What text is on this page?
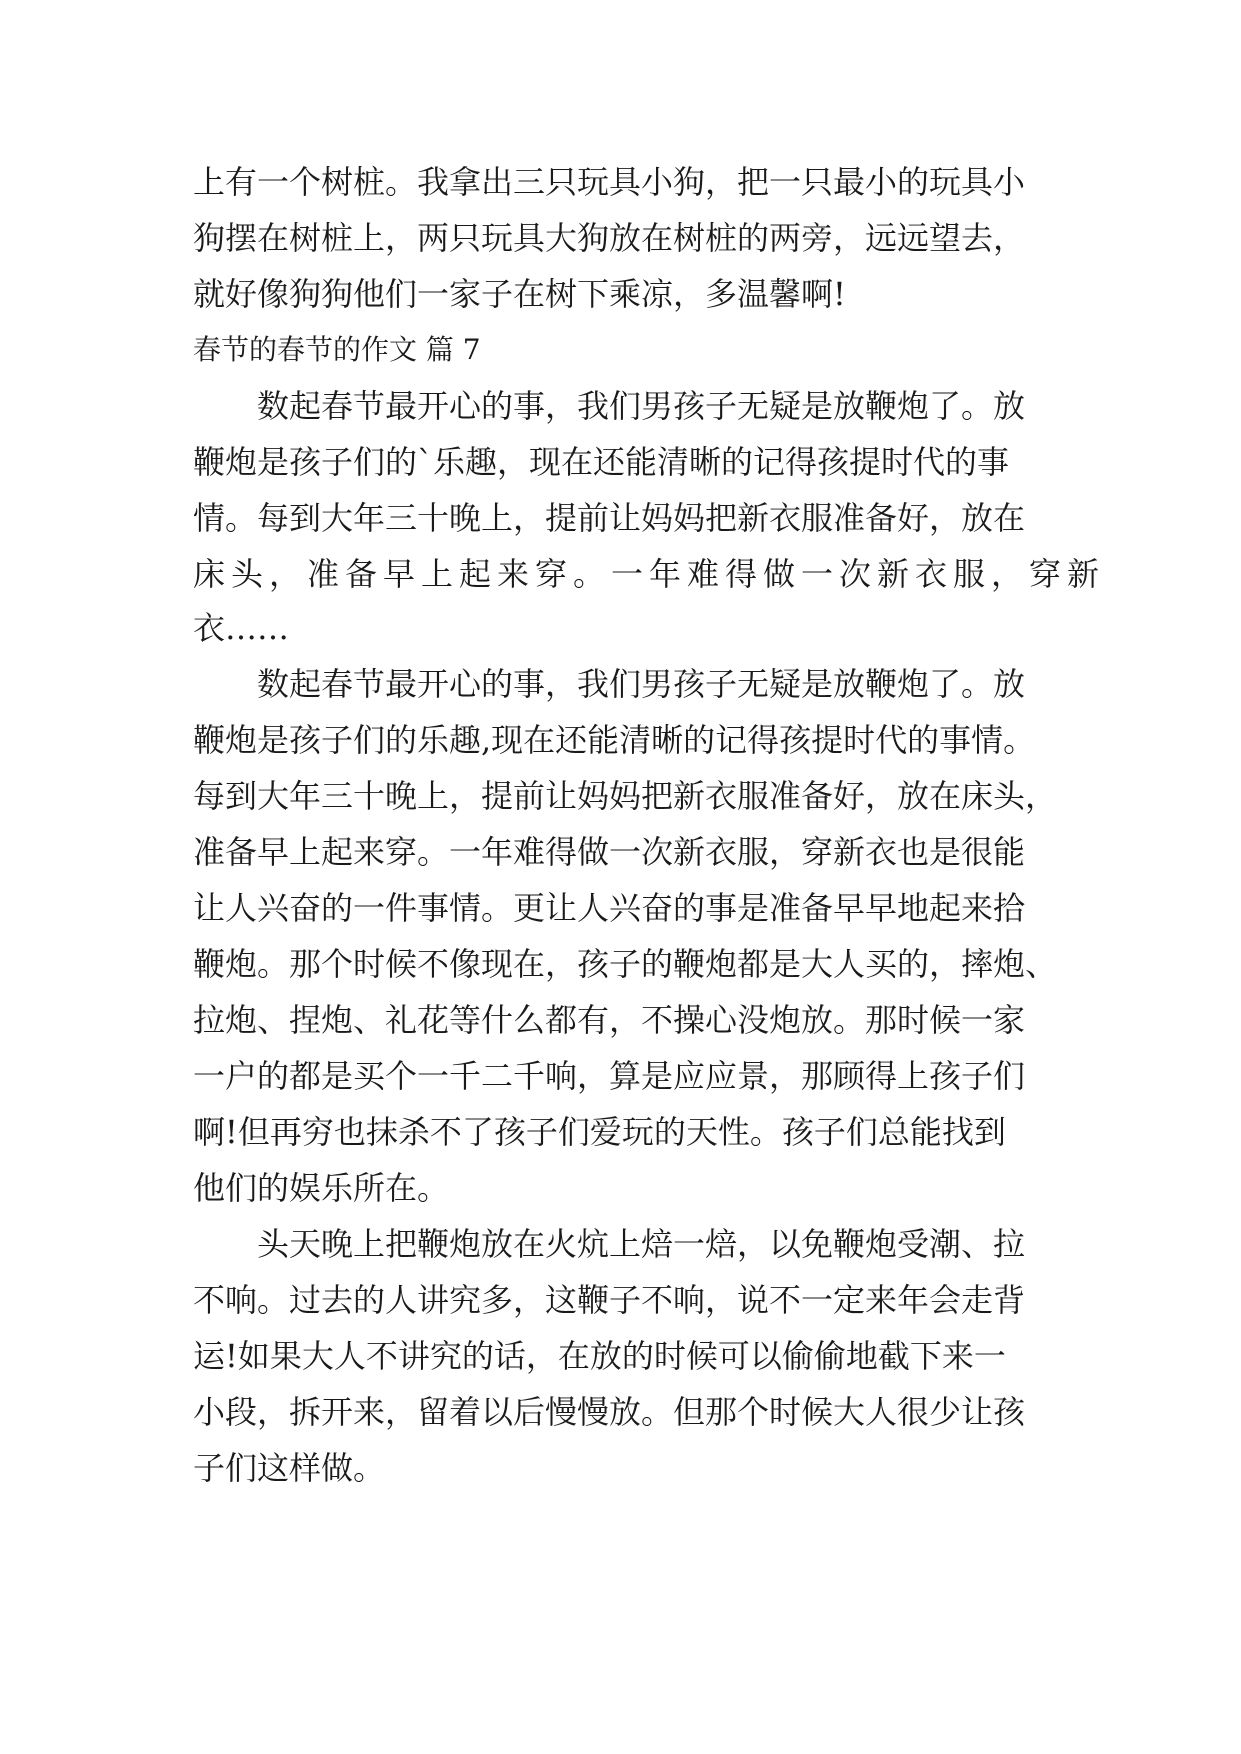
上有一个树桩。我拿出三只玩具小狗，把一只最小的玩具小
狗摆在树桩上，两只玩具大狗放在树桩的两旁，远远望去，
就好像狗狗他们一家子在树下乘凉，多温馨啊!
春节的春节的作文 篇 7
　　数起春节最开心的事，我们男孩子无疑是放鞭炮了。放
鞭炮是孩子们的`乐趣，现在还能清晰的记得孩提时代的事
情。每到大年三十晚上，提前让妈妈把新衣服准备好，放在
床头，准备早上起来穿。一年难得做一次新衣服，穿新
衣……
　　数起春节最开心的事，我们男孩子无疑是放鞭炮了。放
鞭炮是孩子们的乐趣,现在还能清晰的记得孩提时代的事情。
每到大年三十晚上，提前让妈妈把新衣服准备好，放在床头，
准备早上起来穿。一年难得做一次新衣服，穿新衣也是很能
让人兴奋的一件事情。更让人兴奋的事是准备早早地起来拾
鞭炮。那个时候不像现在，孩子的鞭炮都是大人买的，摔炮、
拉炮、捏炮、礼花等什么都有，不操心没炮放。那时候一家
一户的都是买个一千二千响，算是应应景，那顾得上孩子们
啊!但再穷也抹杀不了孩子们爱玩的天性。孩子们总能找到
他们的娱乐所在。
　　头天晚上把鞭炮放在火炕上焙一焙，以免鞭炮受潮、拉
不响。过去的人讲究多，这鞭子不响，说不一定来年会走背
运!如果大人不讲究的话，在放的时候可以偷偷地截下来一
小段，拆开来，留着以后慢慢放。但那个时候大人很少让孩
子们这样做。
